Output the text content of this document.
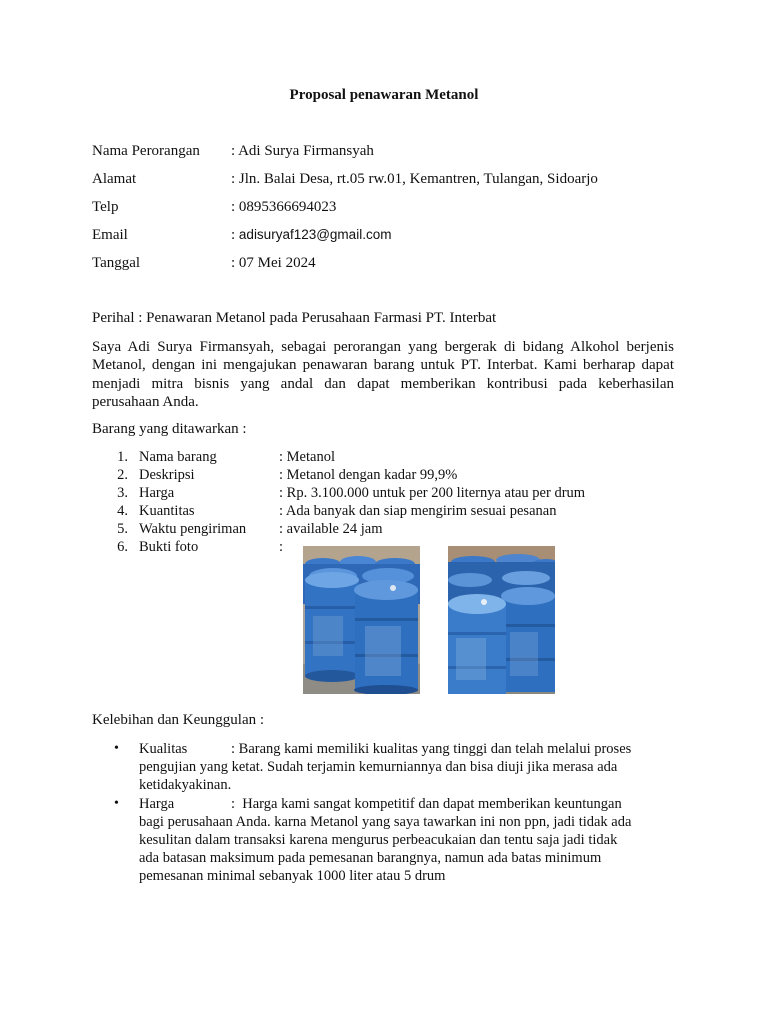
Proposal penawaran Metanol
Nama Perorangan : Adi Surya Firmansyah
Alamat	: Jln. Balai Desa, rt.05 rw.01, Kemantren, Tulangan, Sidoarjo
Telp	: 0895366694023
Email	: adisuryaf123@gmail.com
Tanggal	: 07 Mei 2024
Perihal : Penawaran Metanol pada Perusahaan Farmasi PT. Interbat
Saya Adi Surya Firmansyah, sebagai perorangan yang bergerak di bidang Alkohol berjenis
Metanol, dengan ini mengajukan penawaran barang untuk PT. Interbat. Kami berharap dapat
menjadi mitra bisnis yang andal dan dapat memberikan kontribusi pada keberhasilan
perusahaan Anda.
Barang yang ditawarkan :
1. Nama barang	: Metanol
2. Deskripsi	: Metanol dengan kadar 99,9%
3. Harga	: Rp. 3.100.000 untuk per 200 liternya atau per drum
4. Kuantitas	: Ada banyak dan siap mengirim sesuai pesanan
5. Waktu pengiriman : available 24 jam
6. Bukti foto	:
Kelebihan dan Keunggulan :
• Kualitas	: Barang kami memiliki kualitas yang tinggi dan telah melalui proses
pengujian yang ketat. Sudah terjamin kemurniannya dan bisa diuji jika merasa ada
ketidakyakinan.
• Harga	:  Harga kami sangat kompetitif dan dapat memberikan keuntungan
bagi perusahaan Anda. karna Metanol yang saya tawarkan ini non ppn, jadi tidak ada
kesulitan dalam transaksi karena mengurus perbeacukaian dan tentu saja jadi tidak
ada batasan maksimum pada pemesanan barangnya, namun ada batas minimum
pemesanan minimal sebanyak 1000 liter atau 5 drum
